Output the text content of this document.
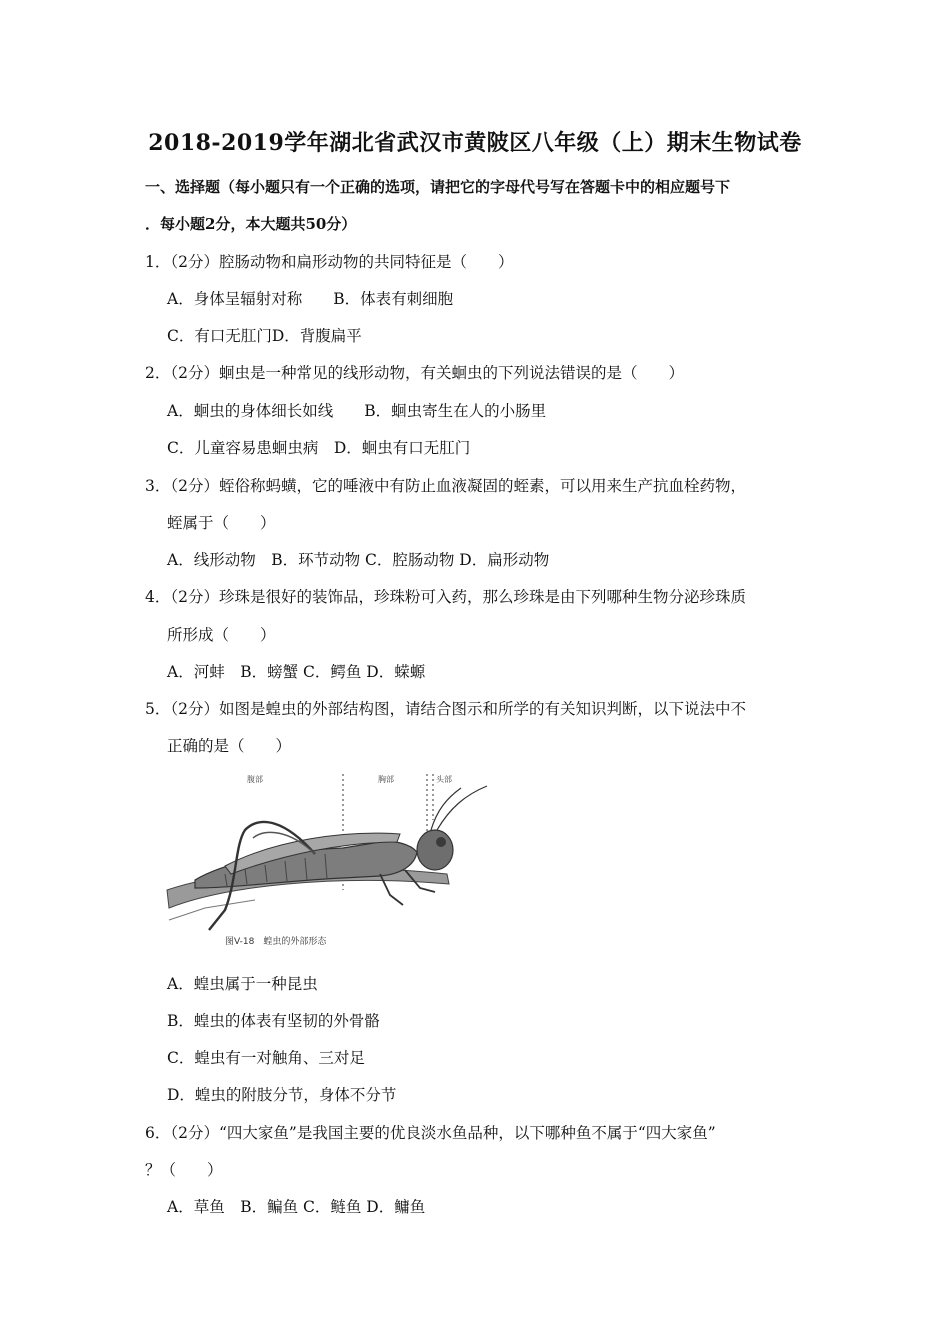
2018-2019学年湖北省武汉市黄陂区八年级（上）期末生物试卷
一、选择题（每小题只有一个正确的选项，请把它的字母代号写在答题卡中的相应题号下
．每小题2分，本大题共50分）
1．（2分）腔肠动物和扁形动物的共同特征是（　　）
A．身体呈辐射对称　　B．体表有刺细胞
C．有口无肛门D．背腹扁平
2．（2分）蛔虫是一种常见的线形动物，有关蛔虫的下列说法错误的是（　　）
A．蛔虫的身体细长如线　　B．蛔虫寄生在人的小肠里
C．儿童容易患蛔虫病　D．蛔虫有口无肛门
3．（2分）蛭俗称蚂蟥，它的唾液中有防止血液凝固的蛭素，可以用来生产抗血栓药物，
蛭属于（　　）
A．线形动物　B．环节动物 C．腔肠动物 D．扁形动物
4．（2分）珍珠是很好的装饰品，珍珠粉可入药，那么珍珠是由下列哪种生物分泌珍珠质
所形成（　　）
A．河蚌　B．螃蟹 C．鳄鱼 D．蝾螈
5．（2分）如图是蝗虫的外部结构图，请结合图示和所学的有关知识判断，以下说法中不
正确的是（　　）
腹部	胸部	头部
图V-18　蝗虫的外部形态
A．蝗虫属于一种昆虫
B．蝗虫的体表有坚韧的外骨骼
C．蝗虫有一对触角、三对足
D．蝗虫的附肢分节，身体不分节
6．（2分）“四大家鱼”是我国主要的优良淡水鱼品种，以下哪种鱼不属于“四大家鱼”
？（　　）
A．草鱼　B．鳊鱼 C．鲢鱼 D．鳙鱼
